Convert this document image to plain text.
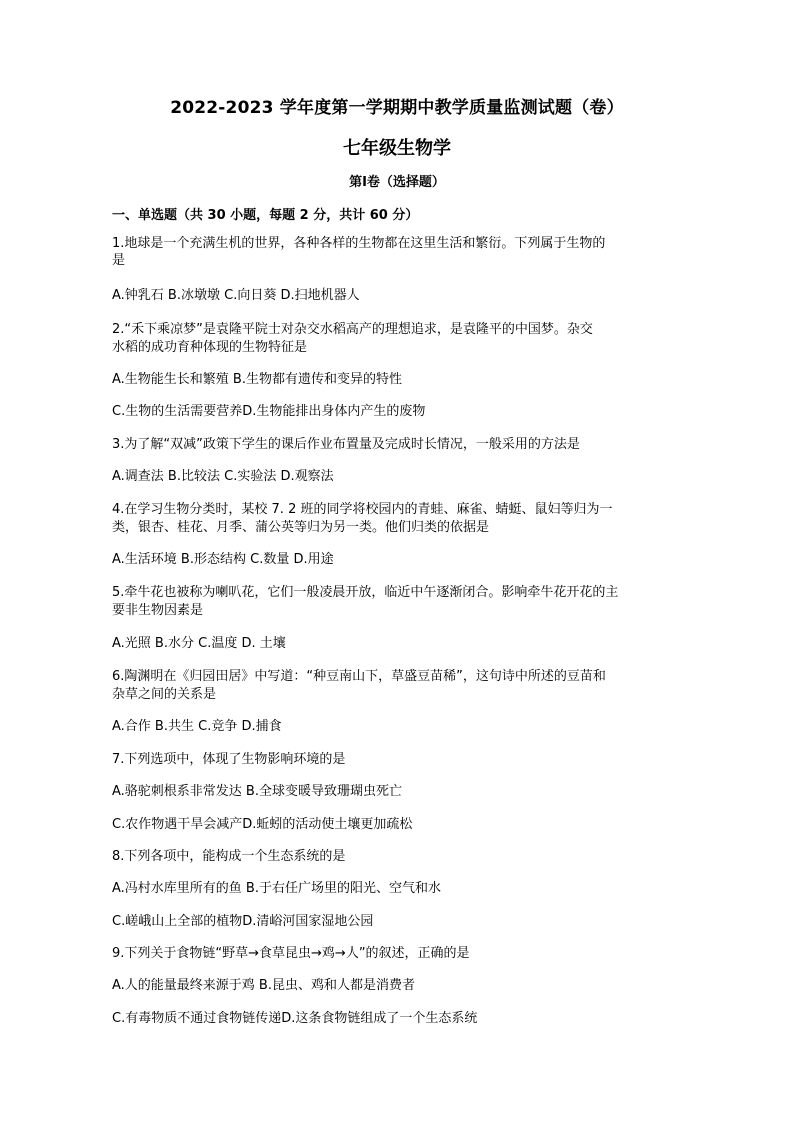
2022-2023 学年度第一学期期中教学质量监测试题（卷）
七年级生物学
第Ⅰ卷（选择题）
一、单选题（共 30 小题，每题 2 分，共计 60 分）
1.地球是一个充满生机的世界，各种各样的生物都在这里生活和繁衍。下列属于生物的
是
A.钟乳石 B.冰墩墩 C.向日葵 D.扫地机器人
2.“禾下乘凉梦”是袁隆平院士对杂交水稻高产的理想追求，是袁隆平的中国梦。杂交
水稻的成功育种体现的生物特征是
A.生物能生长和繁殖 B.生物都有遗传和变异的特性
C.生物的生活需要营养D.生物能排出身体内产生的废物
3.为了解“双减”政策下学生的课后作业布置量及完成时长情况，一般采用的方法是
A.调查法 B.比较法 C.实验法 D.观察法
4.在学习生物分类时，某校 7. 2 班的同学将校园内的青蛙、麻雀、蜻蜓、鼠妇等归为一
类，银杏、桂花、月季、蒲公英等归为另一类。他们归类的依据是
A.生活环境 B.形态结构 C.数量 D.用途
5.牵牛花也被称为喇叭花，它们一般凌晨开放，临近中午逐渐闭合。影响牵牛花开花的主
要非生物因素是
A.光照 B.水分 C.温度 D. 土壤
6.陶渊明在《归园田居》中写道：“种豆南山下，草盛豆苗稀”，这句诗中所述的豆苗和
杂草之间的关系是
A.合作 B.共生 C.竞争 D.捕食
7.下列选项中，体现了生物影响环境的是
A.骆驼刺根系非常发达 B.全球变暖导致珊瑚虫死亡
C.农作物遇干旱会减产D.蚯蚓的活动使土壤更加疏松
8.下列各项中，能构成一个生态系统的是
A.冯村水库里所有的鱼 B.于右任广场里的阳光、空气和水
C.嵯峨山上全部的植物D.清峪河国家湿地公园
9.下列关于食物链“野草→食草昆虫→鸡→人”的叙述，正确的是
A.人的能量最终来源于鸡 B.昆虫、鸡和人都是消费者
C.有毒物质不通过食物链传递D.这条食物链组成了一个生态系统
